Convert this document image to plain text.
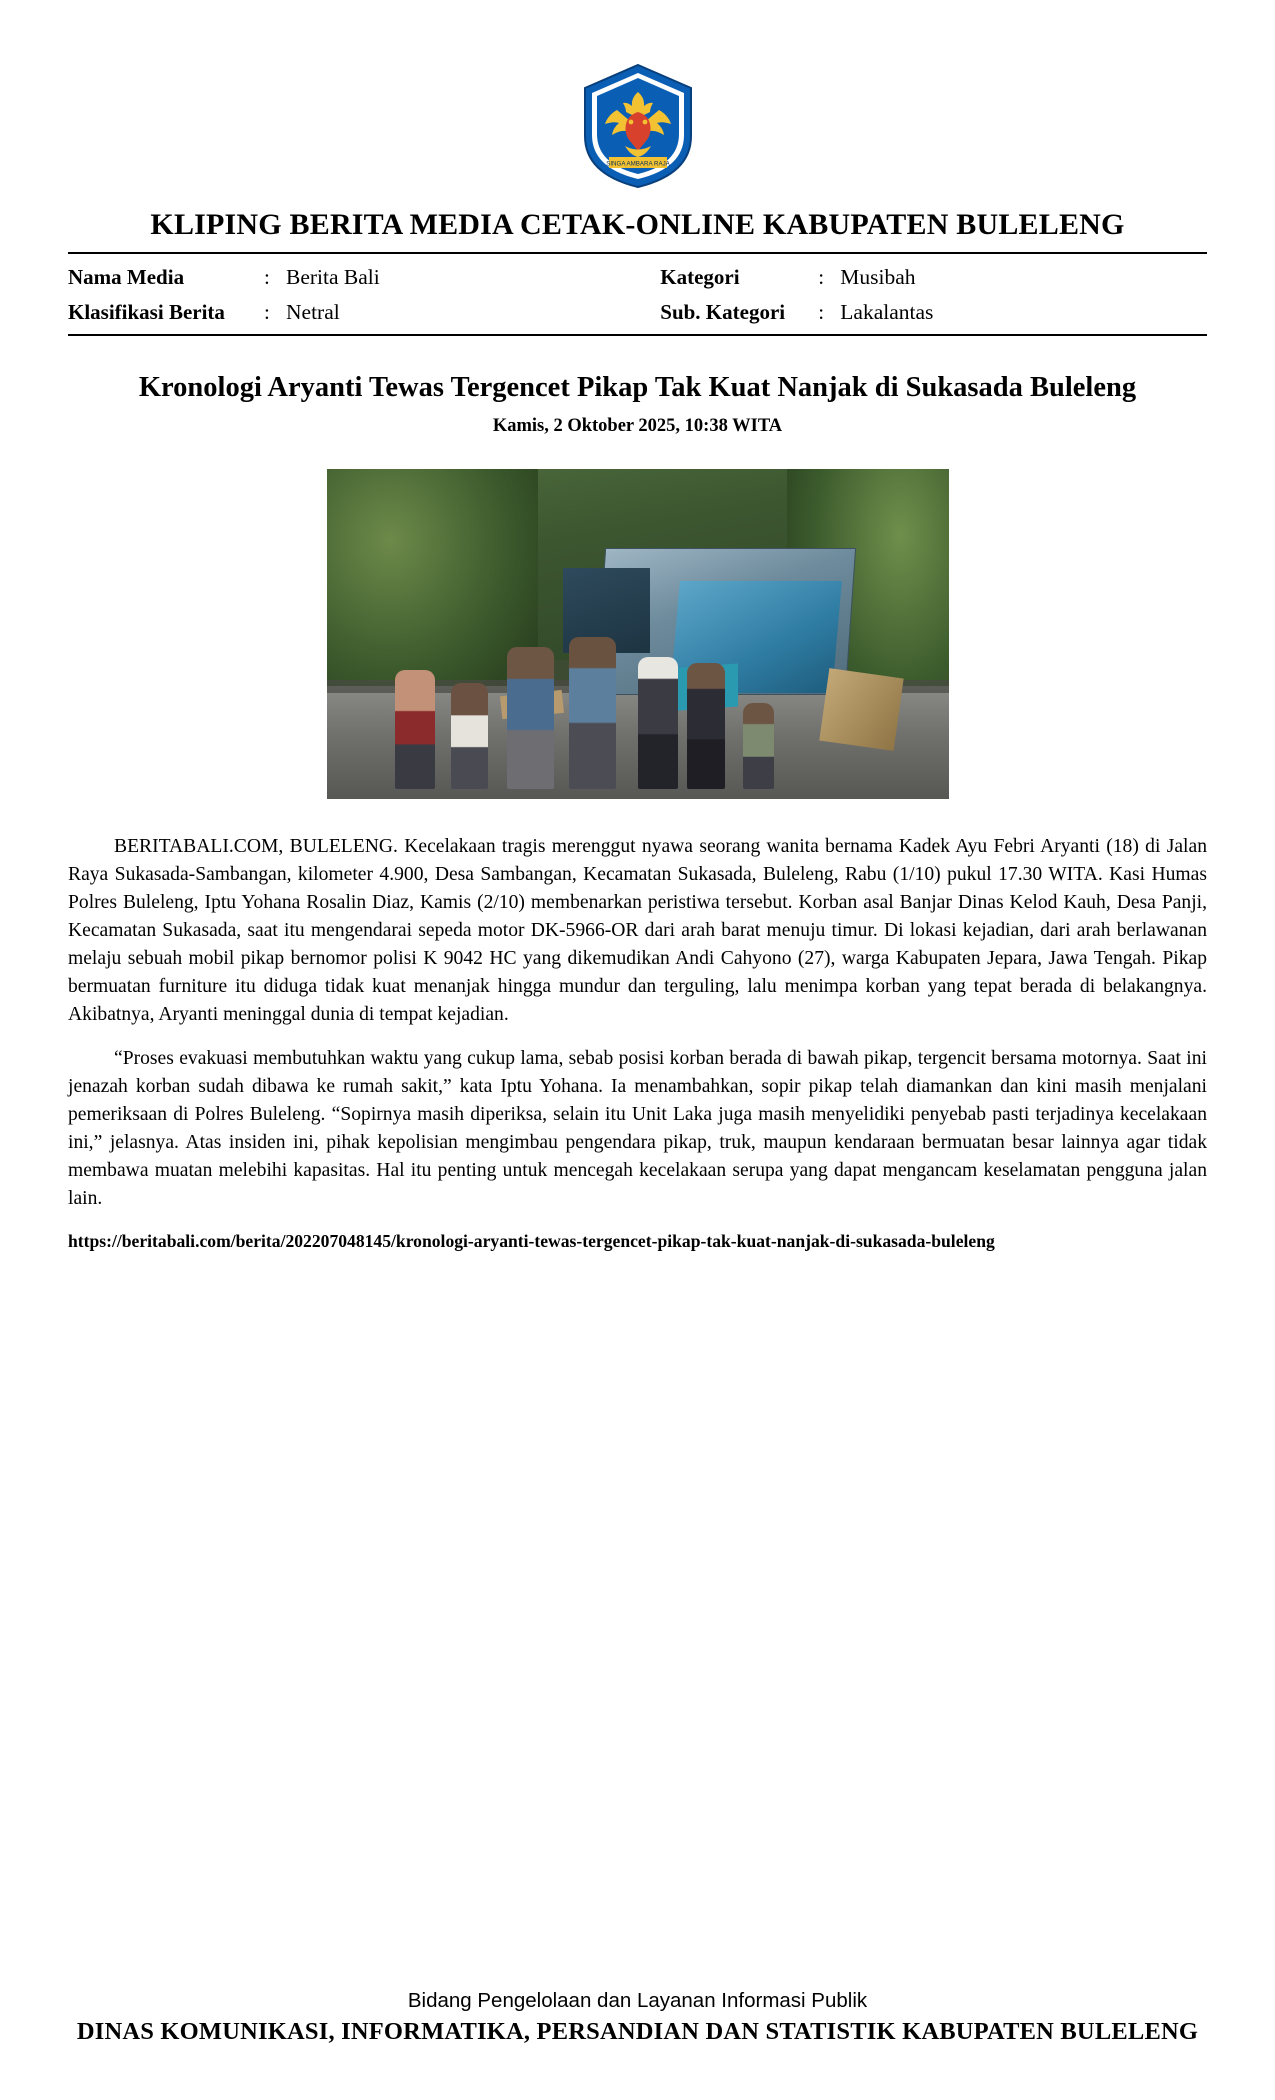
SINGA AMBARA RAJA
KLIPING BERITA MEDIA CETAK-ONLINE KABUPATEN BULELENG
Nama Media	: Berita Bali
Klasifikasi Berita	: Netral
Kategori	: Musibah
Sub. Kategori	: Lakalantas
Kronologi Aryanti Tewas Tergencet Pikap Tak Kuat Nanjak di Sukasada Buleleng
Kamis, 2 Oktober 2025, 10:38 WITA

BERITABALI.COM, BULELENG. Kecelakaan tragis merenggut nyawa seorang wanita bernama Kadek Ayu Febri Aryanti (18) di Jalan Raya Sukasada-Sambangan, kilometer 4.900, Desa Sambangan, Kecamatan Sukasada, Buleleng, Rabu (1/10) pukul 17.30 WITA. Kasi Humas Polres Buleleng, Iptu Yohana Rosalin Diaz, Kamis (2/10) membenarkan peristiwa tersebut. Korban asal Banjar Dinas Kelod Kauh, Desa Panji, Kecamatan Sukasada, saat itu mengendarai sepeda motor DK-5966-OR dari arah barat menuju timur. Di lokasi kejadian, dari arah berlawanan melaju sebuah mobil pikap bernomor polisi K 9042 HC yang dikemudikan Andi Cahyono (27), warga Kabupaten Jepara, Jawa Tengah. Pikap bermuatan furniture itu diduga tidak kuat menanjak hingga mundur dan terguling, lalu menimpa korban yang tepat berada di belakangnya. Akibatnya, Aryanti meninggal dunia di tempat kejadian.

“Proses evakuasi membutuhkan waktu yang cukup lama, sebab posisi korban berada di bawah pikap, tergencit bersama motornya. Saat ini jenazah korban sudah dibawa ke rumah sakit,” kata Iptu Yohana. Ia menambahkan, sopir pikap telah diamankan dan kini masih menjalani pemeriksaan di Polres Buleleng. “Sopirnya masih diperiksa, selain itu Unit Laka juga masih menyelidiki penyebab pasti terjadinya kecelakaan ini,” jelasnya. Atas insiden ini, pihak kepolisian mengimbau pengendara pikap, truk, maupun kendaraan bermuatan besar lainnya agar tidak membawa muatan melebihi kapasitas. Hal itu penting untuk mencegah kecelakaan serupa yang dapat mengancam keselamatan pengguna jalan lain.

https://beritabali.com/berita/202207048145/kronologi-aryanti-tewas-tergencet-pikap-tak-kuat-nanjak-di-sukasada-buleleng
Bidang Pengelolaan dan Layanan Informasi Publik
DINAS KOMUNIKASI, INFORMATIKA, PERSANDIAN DAN STATISTIK KABUPATEN BULELENG
